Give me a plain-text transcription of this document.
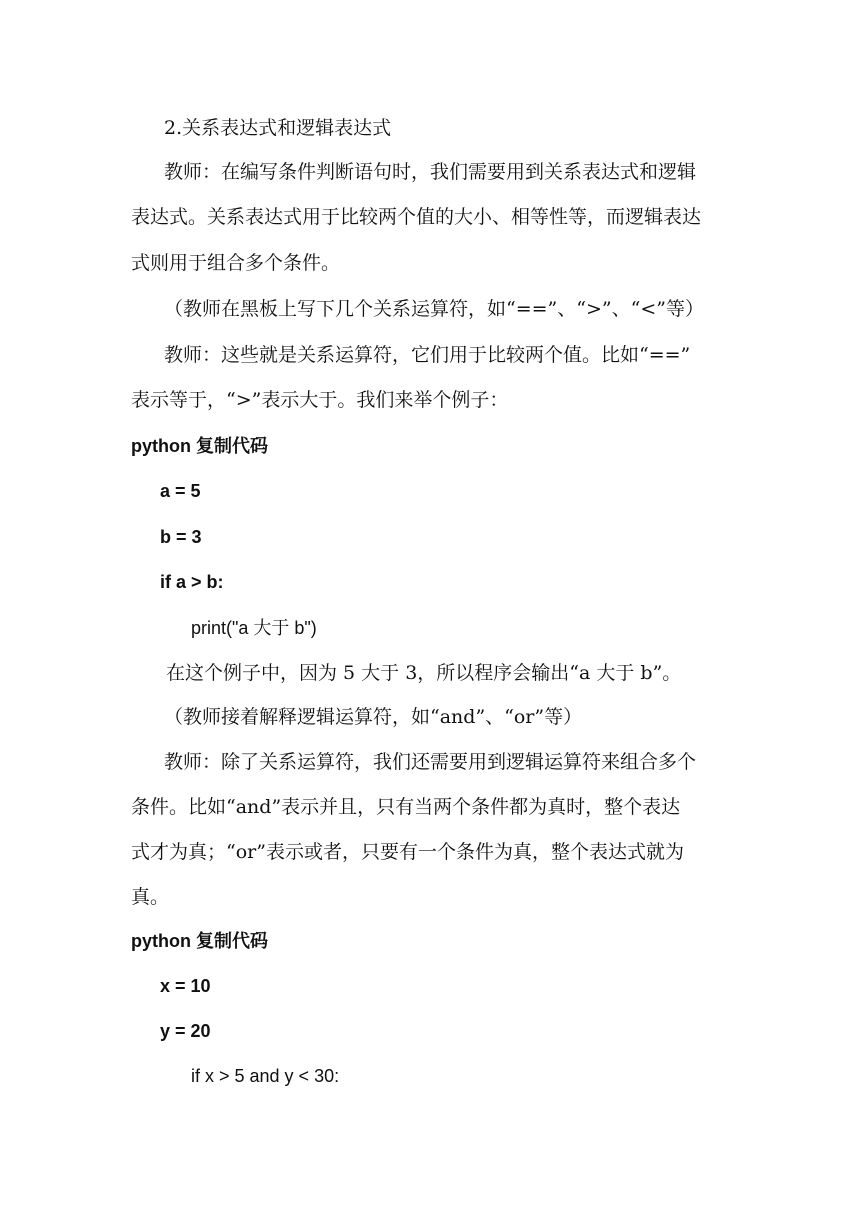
2.关系表达式和逻辑表达式
教师：在编写条件判断语句时，我们需要用到关系表达式和逻辑
表达式。关系表达式用于比较两个值的大小、相等性等，而逻辑表达
式则用于组合多个条件。
（教师在黑板上写下几个关系运算符，如“==”、“>”、“<”等）
教师：这些就是关系运算符，它们用于比较两个值。比如“==”
表示等于，“>”表示大于。我们来举个例子：
python 复制代码
a = 5
b = 3
if a > b:
print("a 大于 b")
在这个例子中，因为 5 大于 3，所以程序会输出“a 大于 b”。
（教师接着解释逻辑运算符，如“and”、“or”等）
教师：除了关系运算符，我们还需要用到逻辑运算符来组合多个
条件。比如“and”表示并且，只有当两个条件都为真时，整个表达
式才为真；“or”表示或者，只要有一个条件为真，整个表达式就为
真。
python 复制代码
x = 10
y = 20
if x > 5 and y < 30:
